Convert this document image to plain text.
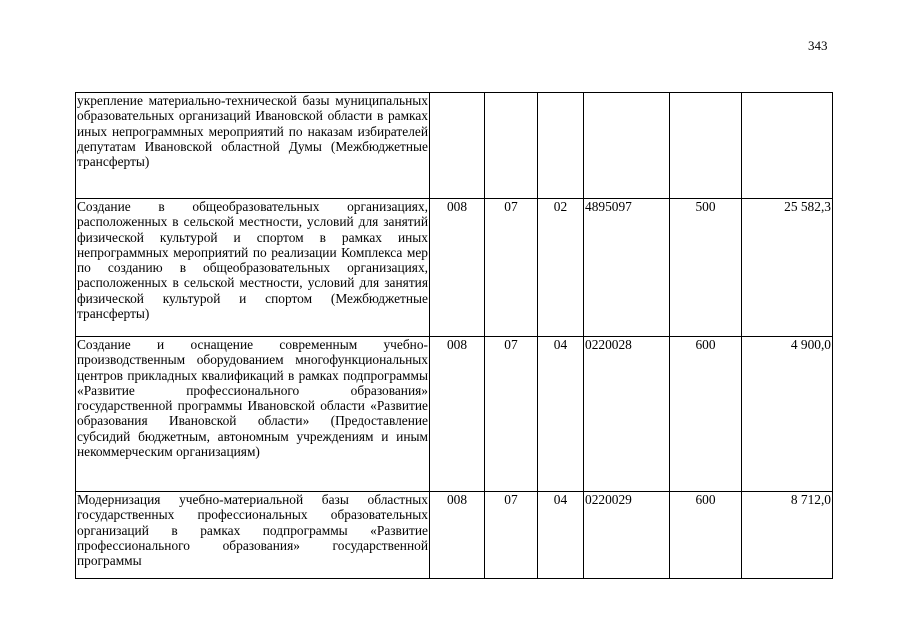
343
укрепление материально-технической базы муниципальных образовательных организаций Ивановской области в рамках иных непрограммных мероприятий по наказам избирателей депутатам Ивановской областной Думы (Межбюджетные трансферты)						
Создание в общеобразовательных организациях, расположенных в сельской местности, условий для занятий физической культурой и спортом в рамках иных непрограммных мероприятий по реализации Комплекса мер по созданию в общеобразовательных организациях, расположенных в сельской местности, условий для занятия физической культурой и спортом (Межбюджетные трансферты)	008	07	02	4895097	500	25 582,3
Создание и оснащение современным учебно-производственным оборудованием многофункциональных центров прикладных квалификаций в рамках подпрограммы «Развитие профессионального образования» государственной программы Ивановской области «Развитие образования Ивановской области» (Предоставление субсидий бюджетным, автономным учреждениям и иным некоммерческим организациям)	008	07	04	0220028	600	4 900,0
Модернизация учебно-материальной базы областных государственных профессиональных образовательных организаций в рамках подпрограммы «Развитие профессионального образования» государственной программы	008	07	04	0220029	600	8 712,0
